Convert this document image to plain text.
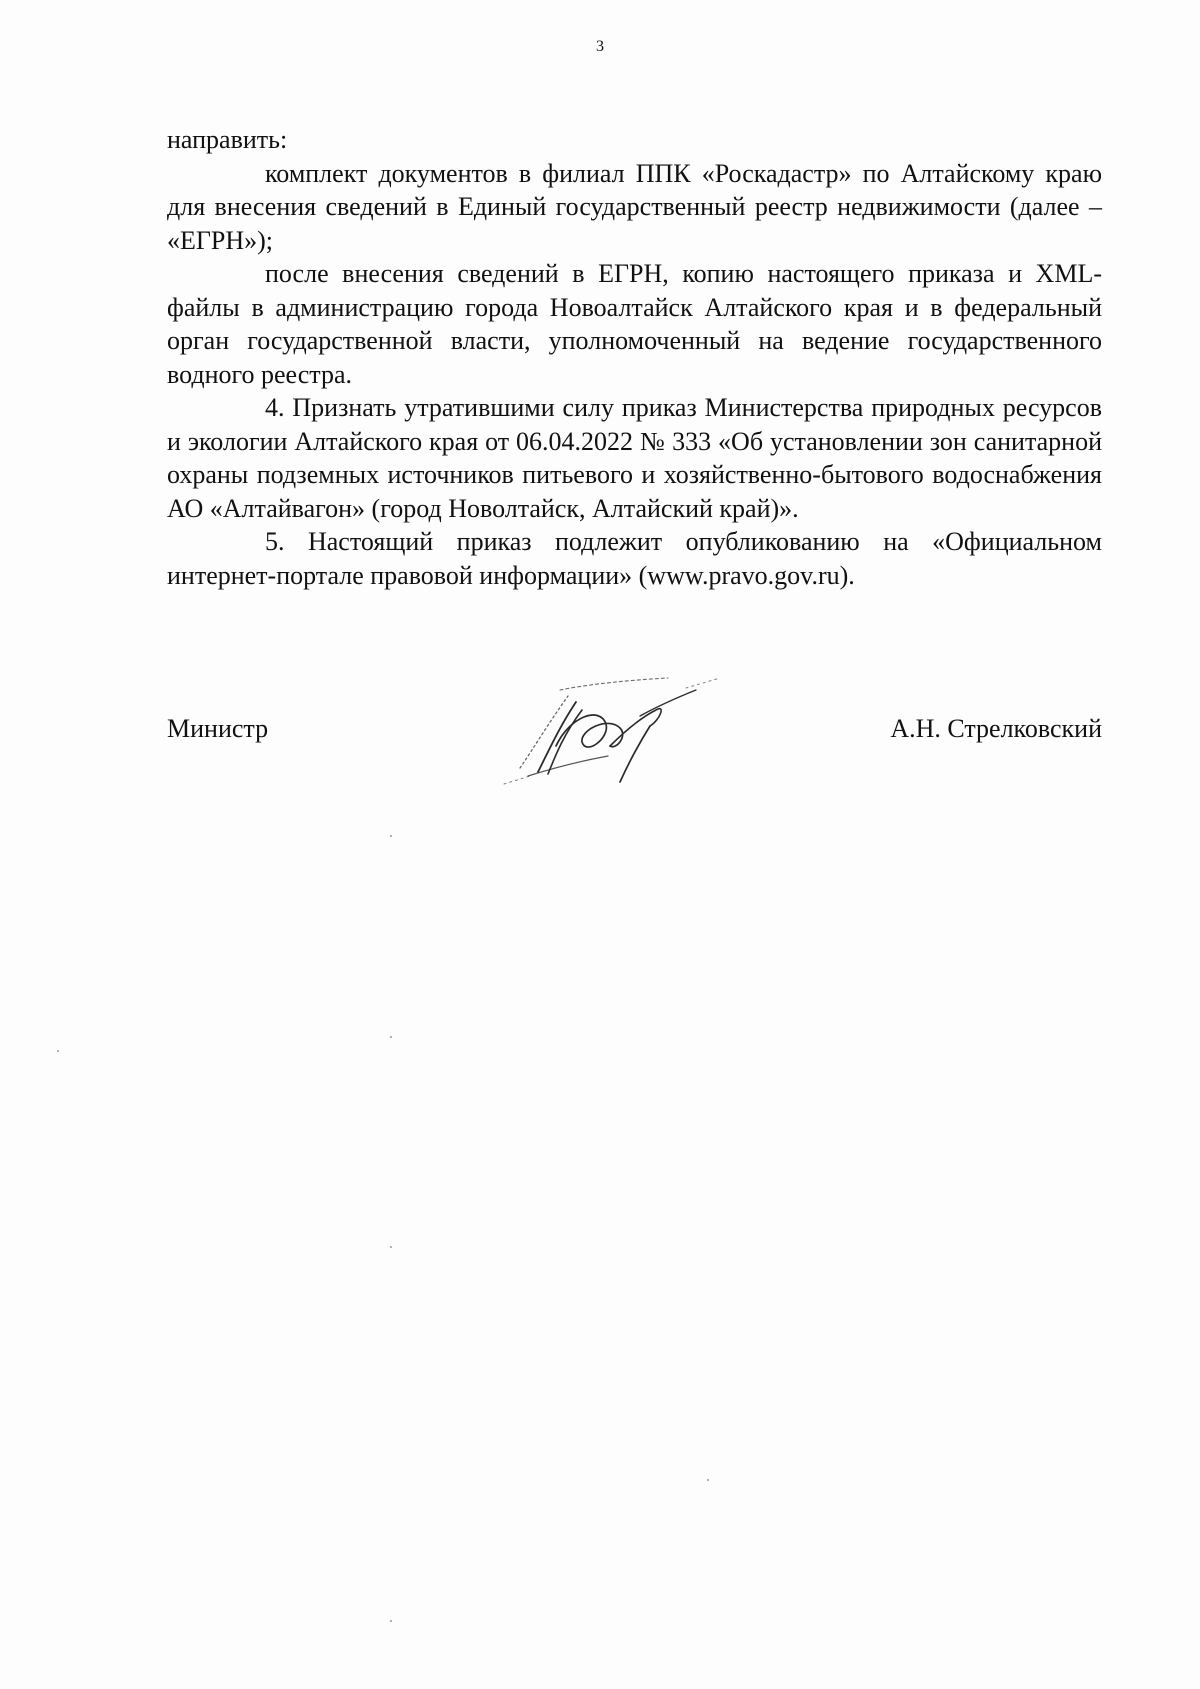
3

направить:

комплект документов в филиал ППК «Роскадастр» по Алтайскому краю для внесения сведений в Единый государственный реестр недвижимости (далее – «ЕГРН»);

после внесения сведений в ЕГРН, копию настоящего приказа и XML-файлы в администрацию города Новоалтайск Алтайского края и в федеральный орган государственной власти, уполномоченный на ведение государственного водного реестра.

4. Признать утратившими силу приказ Министерства природных ресурсов и экологии Алтайского края от 06.04.2022 № 333 «Об установлении зон санитарной охраны подземных источников питьевого и хозяйственно-бытового водоснабжения АО «Алтайвагон» (город Новолтайск, Алтайский край)».

5. Настоящий приказ подлежит опубликованию на «Официальном интернет-портале правовой информации» (www.pravo.gov.ru).

Министр	А.Н. Стрелковский
